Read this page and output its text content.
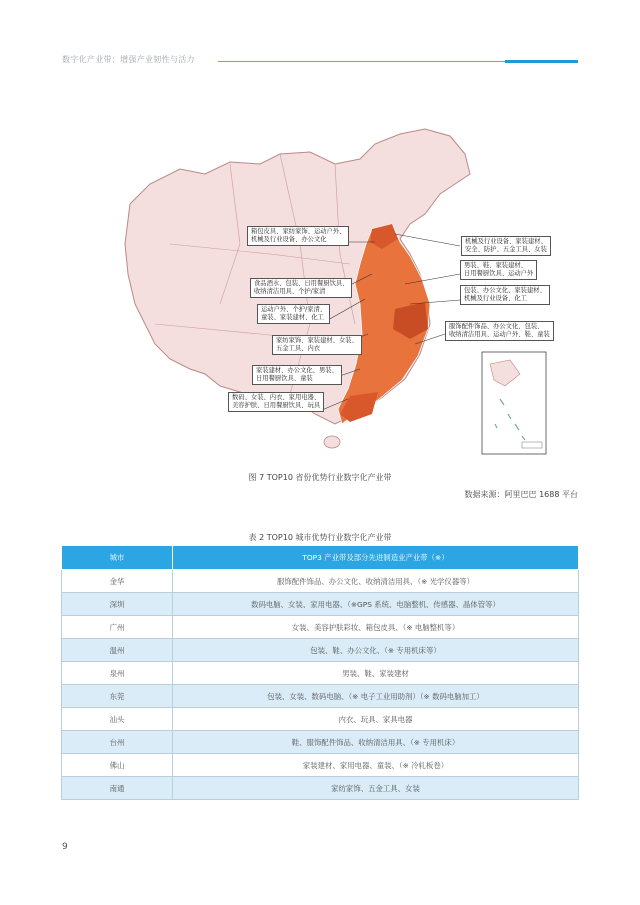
数字化产业带：增强产业韧性与活力
箱包皮具、家纺家饰、运动户外、
机械及行业设备、办公文化
食品酒水、包装、日用餐厨饮具、
收纳清洁用具、个护/家清
运动户外、个护/家清、
童装、家装建材、化工
家纺家饰、家装建材、女装、
五金工具、内衣
家装建材、办公文化、男装、
日用餐厨饮具、童装
数码、女装、内衣、家用电器、
美容护肤、日用餐厨饮具、玩具
机械及行业设备、家装建材、
安全、防护、五金工具、女装
男装、鞋、家装建材、
日用餐厨饮具、运动户外
包装、办公文化、家装建材、
机械及行业设备、化工
服饰配件饰品、办公文化、包装、
收纳清洁用具、运动户外、鞋、童装
图 7 TOP10 省份优势行业数字化产业带
数据来源：阿里巴巴 1688 平台
表 2 TOP10 城市优势行业数字化产业带
城市	TOP3 产业带及部分先进制造业产业带（※）
金华	服饰配件饰品、办公文化、收纳清洁用具、（※ 光学仪器等）
深圳	数码电脑、女装、家用电器、（※GPS 系统、电脑整机、传感器、晶体管等）
广州	女装、美容护肤彩妆、箱包皮具、（※ 电脑整机等）
温州	包装、鞋、办公文化、（※ 专用机床等）
泉州	男装、鞋、家装建材
东莞	包装、女装、数码电脑、（※ 电子工业用助剂）（※ 数码电脑加工）
汕头	内衣、玩具、家具电器
台州	鞋、服饰配件饰品、收纳清洁用具、（※ 专用机床）
佛山	家装建材、家用电器、童装、（※ 冷轧板卷）
南通	家纺家饰、五金工具、女装
9
